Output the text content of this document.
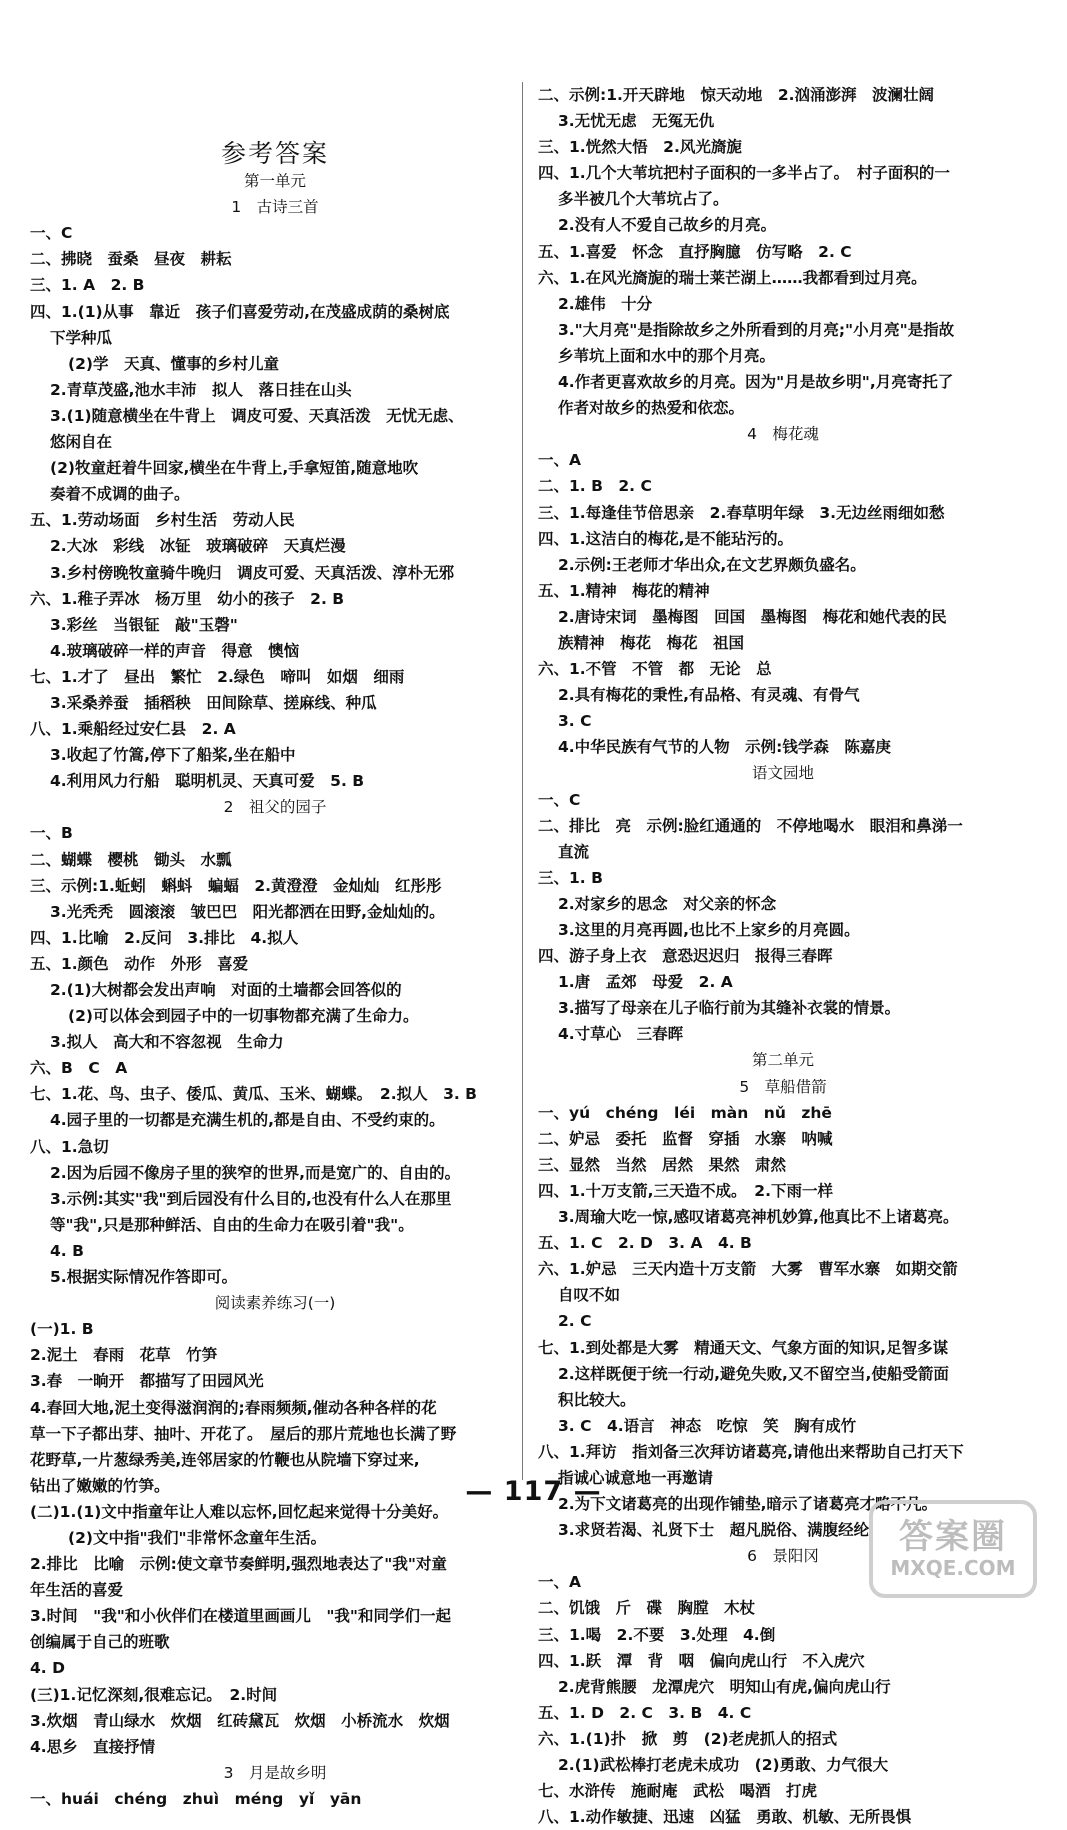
参考答案
第一单元
1　古诗三首
一、C
二、拂晓　蚕桑　昼夜　耕耘
三、1. A　2. B
四、1.(1)从事　靠近　孩子们喜爱劳动,在茂盛成荫的桑树底
下学种瓜
(2)学　天真、懂事的乡村儿童
2.青草茂盛,池水丰沛　拟人　落日挂在山头
3.(1)随意横坐在牛背上　调皮可爱、天真活泼　无忧无虑、
悠闲自在
(2)牧童赶着牛回家,横坐在牛背上,手拿短笛,随意地吹
奏着不成调的曲子。
五、1.劳动场面　乡村生活　劳动人民
2.大冰　彩线　冰钲　玻璃破碎　天真烂漫
3.乡村傍晚牧童骑牛晚归　调皮可爱、天真活泼、淳朴无邪
六、1.稚子弄冰　杨万里　幼小的孩子　2. B
3.彩丝　当银钲　敲"玉磬"
4.玻璃破碎一样的声音　得意　懊恼
七、1.才了　昼出　繁忙　2.绿色　啼叫　如烟　细雨
3.采桑养蚕　插稻秧　田间除草、搓麻线、种瓜
八、1.乘船经过安仁县　2. A
3.收起了竹篙,停下了船桨,坐在船中
4.利用风力行船　聪明机灵、天真可爱　5. B
2　祖父的园子
一、B
二、蝴蝶　樱桃　锄头　水瓢
三、示例:1.蚯蚓　蝌蚪　蝙蝠　2.黄澄澄　金灿灿　红彤彤
3.光秃秃　圆滚滚　皱巴巴　阳光都洒在田野,金灿灿的。
四、1.比喻　2.反问　3.排比　4.拟人
五、1.颜色　动作　外形　喜爱
2.(1)大树都会发出声响　对面的土墙都会回答似的
(2)可以体会到园子中的一切事物都充满了生命力。
3.拟人　高大和不容忽视　生命力
六、B　C　A
七、1.花、鸟、虫子、倭瓜、黄瓜、玉米、蝴蝶。　2.拟人　3. B
4.园子里的一切都是充满生机的,都是自由、不受约束的。
八、1.急切
2.因为后园不像房子里的狭窄的世界,而是宽广的、自由的。
3.示例:其实"我"到后园没有什么目的,也没有什么人在那里
等"我",只是那种鲜活、自由的生命力在吸引着"我"。
4. B
5.根据实际情况作答即可。
阅读素养练习(一)
(一)1. B
2.泥土　春雨　花草　竹笋
3.春　一晌开　都描写了田园风光
4.春回大地,泥土变得滋润润的;春雨频频,催动各种各样的花
草一下子都出芽、抽叶、开花了。　屋后的那片荒地也长满了野
花野草,一片葱绿秀美,连邻居家的竹鞭也从院墙下穿过来,
钻出了嫩嫩的竹笋。
(二)1.(1)文中指童年让人难以忘怀,回忆起来觉得十分美好。
(2)文中指"我们"非常怀念童年生活。
2.排比　比喻　示例:使文章节奏鲜明,强烈地表达了"我"对童
年生活的喜爱
3.时间　"我"和小伙伴们在楼道里画画儿　"我"和同学们一起
创编属于自己的班歌
4. D
(三)1.记忆深刻,很难忘记。　2.时间
3.炊烟　青山绿水　炊烟　红砖黛瓦　炊烟　小桥流水　炊烟
4.思乡　直接抒情
3　月是故乡明
一、huái　chéng　zhuì　méng　yǐ　yān
二、示例:1.开天辟地　惊天动地　2.汹涌澎湃　波澜壮阔
3.无忧无虑　无冤无仇
三、1.恍然大悟　2.风光旖旎
四、1.几个大苇坑把村子面积的一多半占了。　村子面积的一
多半被几个大苇坑占了。
2.没有人不爱自己故乡的月亮。
五、1.喜爱　怀念　直抒胸臆　仿写略　2. C
六、1.在风光旖旎的瑞士莱芒湖上……我都看到过月亮。
2.雄伟　十分
3."大月亮"是指除故乡之外所看到的月亮;"小月亮"是指故
乡苇坑上面和水中的那个月亮。
4.作者更喜欢故乡的月亮。因为"月是故乡明",月亮寄托了
作者对故乡的热爱和依恋。
4　梅花魂
一、A
二、1. B　2. C
三、1.每逢佳节倍思亲　2.春草明年绿　3.无边丝雨细如愁
四、1.这洁白的梅花,是不能玷污的。
2.示例:王老师才华出众,在文艺界颇负盛名。
五、1.精神　梅花的精神
2.唐诗宋词　墨梅图　回国　墨梅图　梅花和她代表的民
族精神　梅花　梅花　祖国
六、1.不管　不管　都　无论　总
2.具有梅花的秉性,有品格、有灵魂、有骨气
3. C
4.中华民族有气节的人物　示例:钱学森　陈嘉庚
语文园地
一、C
二、排比　亮　示例:脸红通通的　不停地喝水　眼泪和鼻涕一
直流
三、1. B
2.对家乡的思念　对父亲的怀念
3.这里的月亮再圆,也比不上家乡的月亮圆。
四、游子身上衣　意恐迟迟归　报得三春晖
1.唐　孟郊　母爱　2. A
3.描写了母亲在儿子临行前为其缝补衣裳的情景。
4.寸草心　三春晖
第二单元
5　草船借箭
一、yú　chéng　léi　màn　nǔ　zhē
二、妒忌　委托　监督　穿插　水寨　呐喊
三、显然　当然　居然　果然　肃然
四、1.十万支箭,三天造不成。　2.下雨一样
3.周瑜大吃一惊,感叹诸葛亮神机妙算,他真比不上诸葛亮。
五、1. C　2. D　3. A　4. B
六、1.妒忌　三天内造十万支箭　大雾　曹军水寨　如期交箭
自叹不如
2. C
七、1.到处都是大雾　精通天文、气象方面的知识,足智多谋
2.这样既便于统一行动,避免失败,又不留空当,使船受箭面
积比较大。
3. C　4.语言　神态　吃惊　笑　胸有成竹
八、1.拜访　指刘备三次拜访诸葛亮,请他出来帮助自己打天下
指诚心诚意地一再邀请
2.为下文诸葛亮的出现作铺垫,暗示了诸葛亮才略不凡。
3.求贤若渴、礼贤下士　超凡脱俗、满腹经纶
6　景阳冈
一、A
二、饥饿　斤　碟　胸膛　木杖
三、1.喝　2.不要　3.处理　4.倒
四、1.跃　潭　背　咽　偏向虎山行　不入虎穴
2.虎背熊腰　龙潭虎穴　明知山有虎,偏向虎山行
五、1. D　2. C　3. B　4. C
六、1.(1)扑　掀　剪　(2)老虎抓人的招式
2.(1)武松棒打老虎未成功　(2)勇敢、力气很大
七、水浒传　施耐庵　武松　喝酒　打虎
八、1.动作敏捷、迅速　凶猛　勇敢、机敏、无所畏惧
— 117 —
答案圈
MXQE.COM
